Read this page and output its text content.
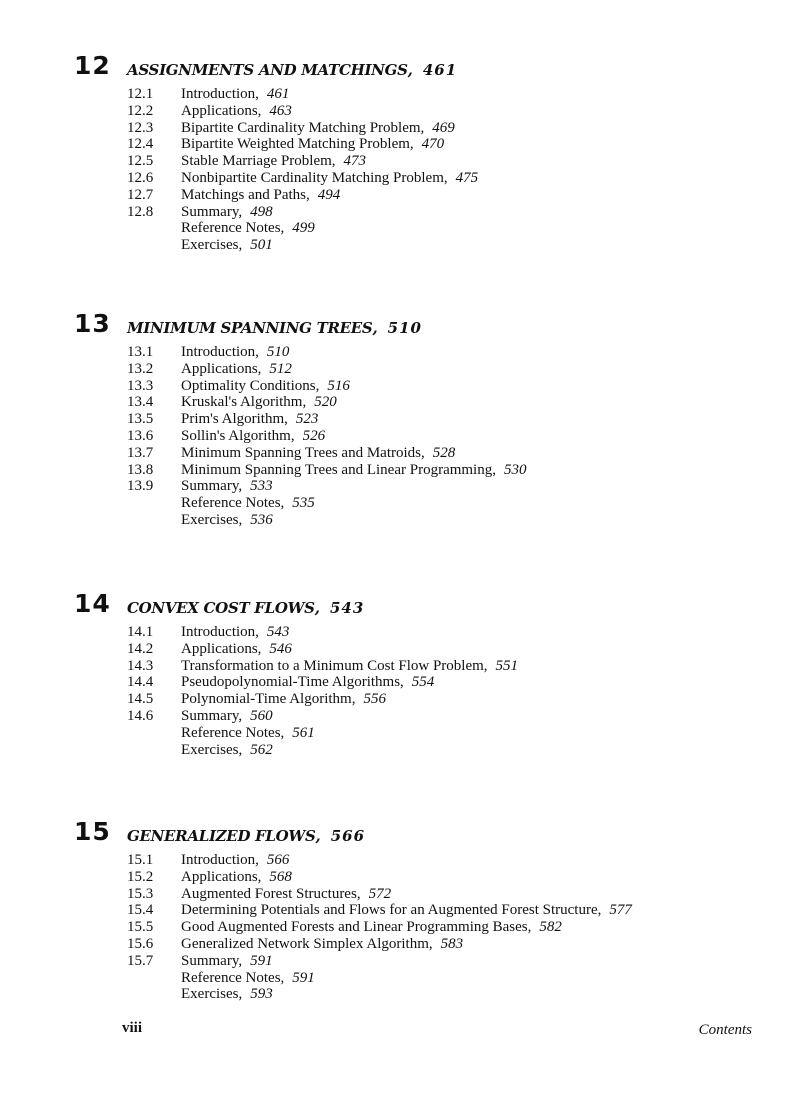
12 ASSIGNMENTS AND MATCHINGS, 461
12.1	Introduction, 461
12.2	Applications, 463
12.3	Bipartite Cardinality Matching Problem, 469
12.4	Bipartite Weighted Matching Problem, 470
12.5	Stable Marriage Problem, 473
12.6	Nonbipartite Cardinality Matching Problem, 475
12.7	Matchings and Paths, 494
12.8	Summary, 498
Reference Notes, 499
Exercises, 501
13 MINIMUM SPANNING TREES, 510
13.1	Introduction, 510
13.2	Applications, 512
13.3	Optimality Conditions, 516
13.4	Kruskal's Algorithm, 520
13.5	Prim's Algorithm, 523
13.6	Sollin's Algorithm, 526
13.7	Minimum Spanning Trees and Matroids, 528
13.8	Minimum Spanning Trees and Linear Programming, 530
13.9	Summary, 533
Reference Notes, 535
Exercises, 536
14 CONVEX COST FLOWS, 543
14.1	Introduction, 543
14.2	Applications, 546
14.3	Transformation to a Minimum Cost Flow Problem, 551
14.4	Pseudopolynomial-Time Algorithms, 554
14.5	Polynomial-Time Algorithm, 556
14.6	Summary, 560
Reference Notes, 561
Exercises, 562
15 GENERALIZED FLOWS, 566
15.1	Introduction, 566
15.2	Applications, 568
15.3	Augmented Forest Structures, 572
15.4	Determining Potentials and Flows for an Augmented Forest Structure, 577
15.5	Good Augmented Forests and Linear Programming Bases, 582
15.6	Generalized Network Simplex Algorithm, 583
15.7	Summary, 591
Reference Notes, 591
Exercises, 593
viii	Contents
